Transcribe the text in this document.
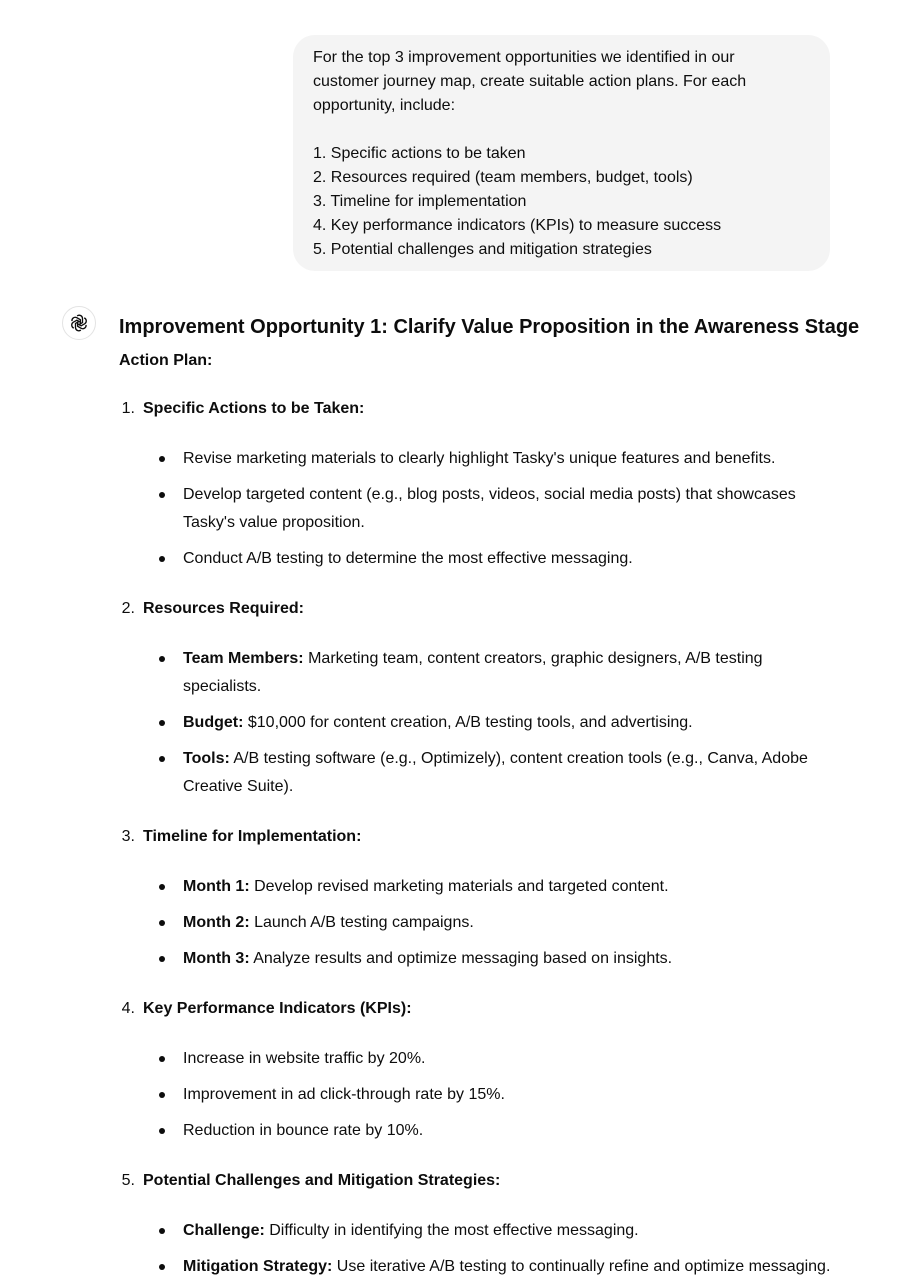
For the top 3 improvement opportunities we identified in our
customer journey map, create suitable action plans. For each
opportunity, include:
1. Specific actions to be taken
2. Resources required (team members, budget, tools)
3. Timeline for implementation
4. Key performance indicators (KPIs) to measure success
5. Potential challenges and mitigation strategies
Improvement Opportunity 1: Clarify Value Proposition in the Awareness Stage
Action Plan:
1. Specific Actions to be Taken:
Revise marketing materials to clearly highlight Tasky's unique features and benefits.
Develop targeted content (e.g., blog posts, videos, social media posts) that showcases Tasky's value proposition.
Conduct A/B testing to determine the most effective messaging.
2. Resources Required:
Team Members: Marketing team, content creators, graphic designers, A/B testing specialists.
Budget: $10,000 for content creation, A/B testing tools, and advertising.
Tools: A/B testing software (e.g., Optimizely), content creation tools (e.g., Canva, Adobe Creative Suite).
3. Timeline for Implementation:
Month 1: Develop revised marketing materials and targeted content.
Month 2: Launch A/B testing campaigns.
Month 3: Analyze results and optimize messaging based on insights.
4. Key Performance Indicators (KPIs):
Increase in website traffic by 20%.
Improvement in ad click-through rate by 15%.
Reduction in bounce rate by 10%.
5. Potential Challenges and Mitigation Strategies:
Challenge: Difficulty in identifying the most effective messaging.
Mitigation Strategy: Use iterative A/B testing to continually refine and optimize messaging.
